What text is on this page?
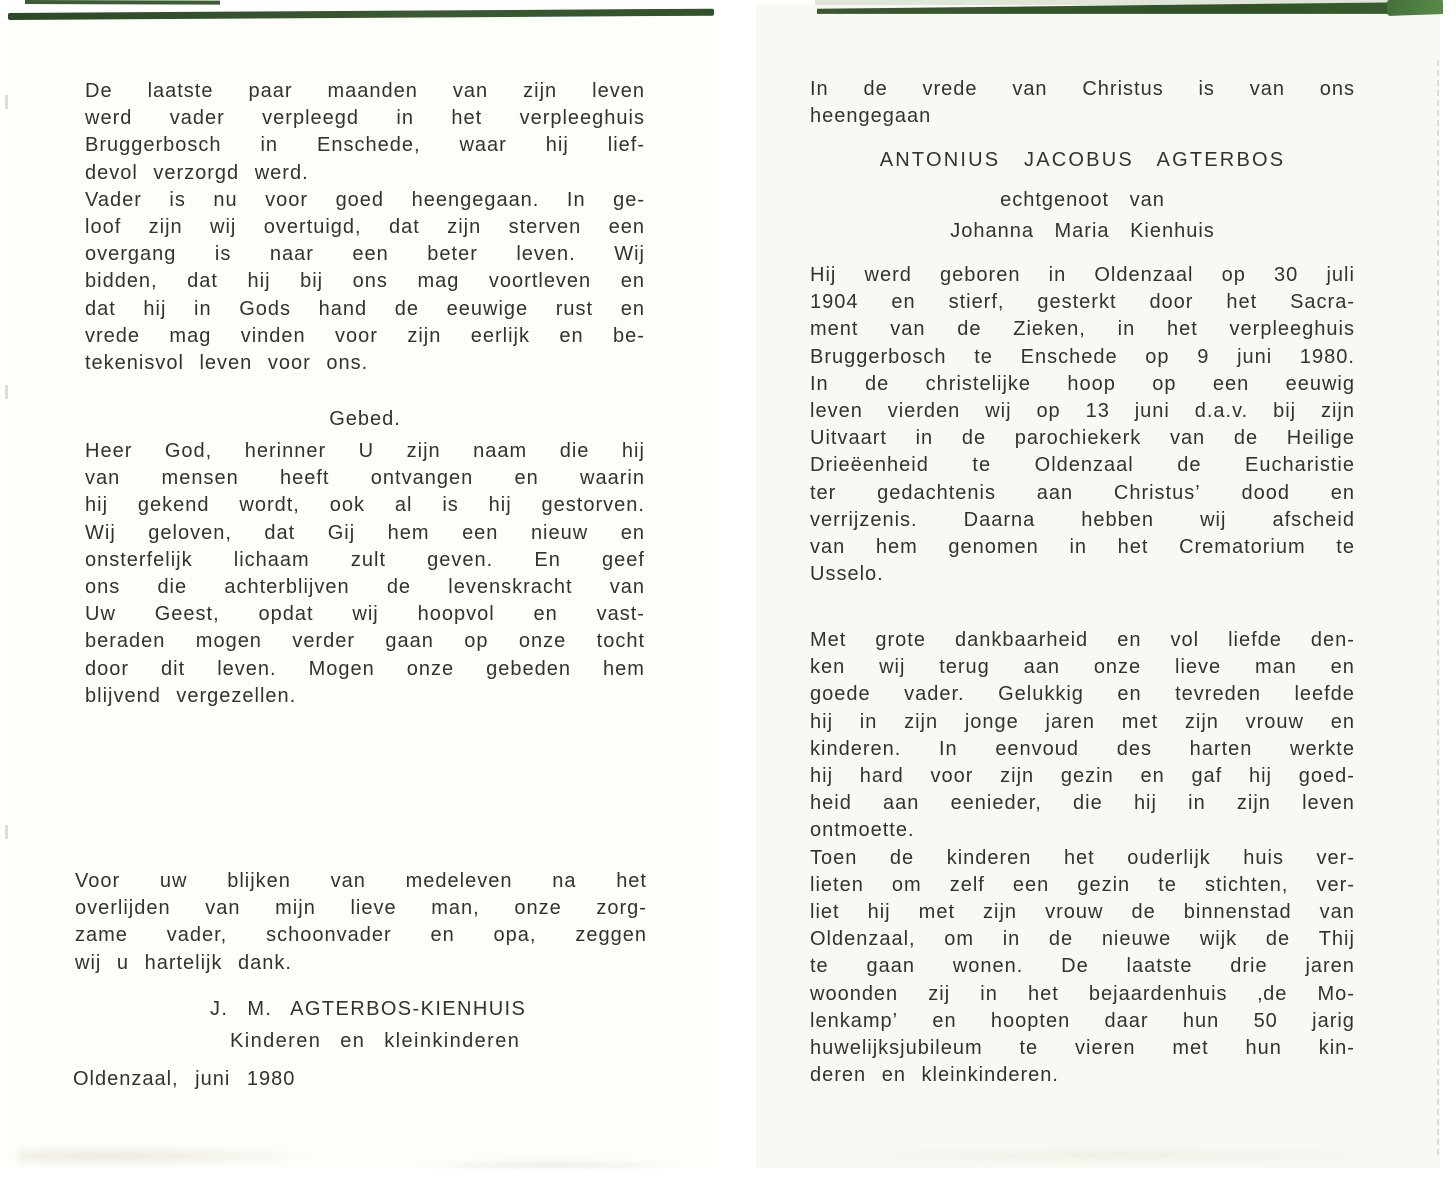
De laatste paar maanden van zijn leven
werd vader verpleegd in het verpleeghuis
Bruggerbosch in Enschede, waar hij lief-
devol verzorgd werd.
Vader is nu voor goed heengegaan. In ge-
loof zijn wij overtuigd, dat zijn sterven een
overgang is naar een beter leven. Wij
bidden, dat hij bij ons mag voortleven en
dat hij in Gods hand de eeuwige rust en
vrede mag vinden voor zijn eerlijk en be-
tekenisvol leven voor ons.
Gebed.
Heer God, herinner U zijn naam die hij
van mensen heeft ontvangen en waarin
hij gekend wordt, ook al is hij gestorven.
Wij geloven, dat Gij hem een nieuw en
onsterfelijk lichaam zult geven. En geef
ons die achterblijven de levenskracht van
Uw Geest, opdat wij hoopvol en vast-
beraden mogen verder gaan op onze tocht
door dit leven. Mogen onze gebeden hem
blijvend vergezellen.
Voor uw blijken van medeleven na het
overlijden van mijn lieve man, onze zorg-
zame vader, schoonvader en opa, zeggen
wij u hartelijk dank.
J. M. AGTERBOS-KIENHUIS
Kinderen en kleinkinderen
Oldenzaal, juni 1980
In de vrede van Christus is van ons
heengegaan
ANTONIUS JACOBUS AGTERBOS
echtgenoot van
Johanna Maria Kienhuis
Hij werd geboren in Oldenzaal op 30 juli
1904 en stierf, gesterkt door het Sacra-
ment van de Zieken, in het verpleeghuis
Bruggerbosch te Enschede op 9 juni 1980.
In de christelijke hoop op een eeuwig
leven vierden wij op 13 juni d.a.v. bij zijn
Uitvaart in de parochiekerk van de Heilige
Drieëenheid te Oldenzaal de Eucharistie
ter gedachtenis aan Christus’ dood en
verrijzenis. Daarna hebben wij afscheid
van hem genomen in het Crematorium te
Usselo.
Met grote dankbaarheid en vol liefde den-
ken wij terug aan onze lieve man en
goede vader. Gelukkig en tevreden leefde
hij in zijn jonge jaren met zijn vrouw en
kinderen. In eenvoud des harten werkte
hij hard voor zijn gezin en gaf hij goed-
heid aan eenieder, die hij in zijn leven
ontmoette.
Toen de kinderen het ouderlijk huis ver-
lieten om zelf een gezin te stichten, ver-
liet hij met zijn vrouw de binnenstad van
Oldenzaal, om in de nieuwe wijk de Thij
te gaan wonen. De laatste drie jaren
woonden zij in het bejaardenhuis ‚de Mo-
lenkamp’ en hoopten daar hun 50 jarig
huwelijksjubileum te vieren met hun kin-
deren en kleinkinderen.
